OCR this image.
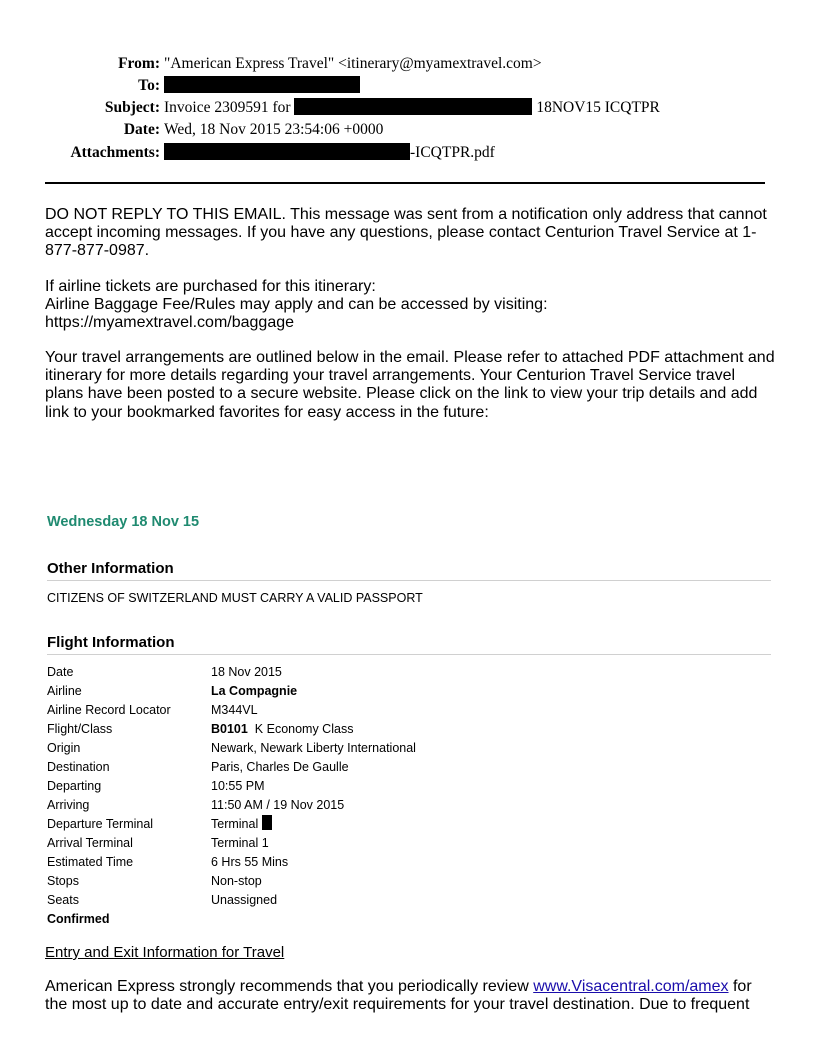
From: "American Express Travel" <itinerary@myamextravel.com>
To:
Subject: Invoice 2309591 for	18NOV15 ICQTPR
Date: Wed, 18 Nov 2015 23:54:06 +0000
Attachments:	-ICQTPR.pdf

DO NOT REPLY TO THIS EMAIL. This message was sent from a notification only address that cannot accept incoming messages. If you have any questions, please contact Centurion Travel Service at 1-877-877-0987.

If airline tickets are purchased for this itinerary:

Airline Baggage Fee/Rules may apply and can be accessed by visiting:

https://myamextravel.com/baggage

Your travel arrangements are outlined below in the email. Please refer to attached PDF attachment and itinerary for more details regarding your travel arrangements. Your Centurion Travel Service travel plans have been posted to a secure website. Please click on the link to view your trip details and add link to your bookmarked favorites for easy access in the future:

Wednesday 18 Nov 15
Other Information
CITIZENS OF SWITZERLAND MUST CARRY A VALID PASSPORT
Flight Information
Date	18 Nov 2015
Airline	La Compagnie
Airline Record Locator	M344VL
Flight/Class	B0101 K Economy Class
Origin	Newark, Newark Liberty International
Destination	Paris, Charles De Gaulle
Departing	10:55 PM
Arriving	11:50 AM / 19 Nov 2015
Departure Terminal	Terminal
Arrival Terminal	Terminal 1
Estimated Time	6 Hrs 55 Mins
Stops	Non-stop
Seats	Unassigned
Confirmed
Entry and Exit Information for Travel

American Express strongly recommends that you periodically review www.Visacentral.com/amex for

the most up to date and accurate entry/exit requirements for your travel destination. Due to frequent
